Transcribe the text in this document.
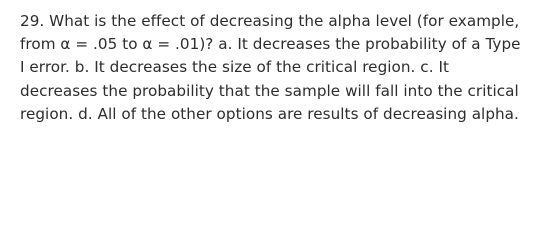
29. What is the effect of decreasing the alpha level (for example,
from α = .05 to α = .01)? a. It decreases the probability of a Type
I error. b. It decreases the size of the critical region. c. It
decreases the probability that the sample will fall into the critical
region. d. All of the other options are results of decreasing alpha.
